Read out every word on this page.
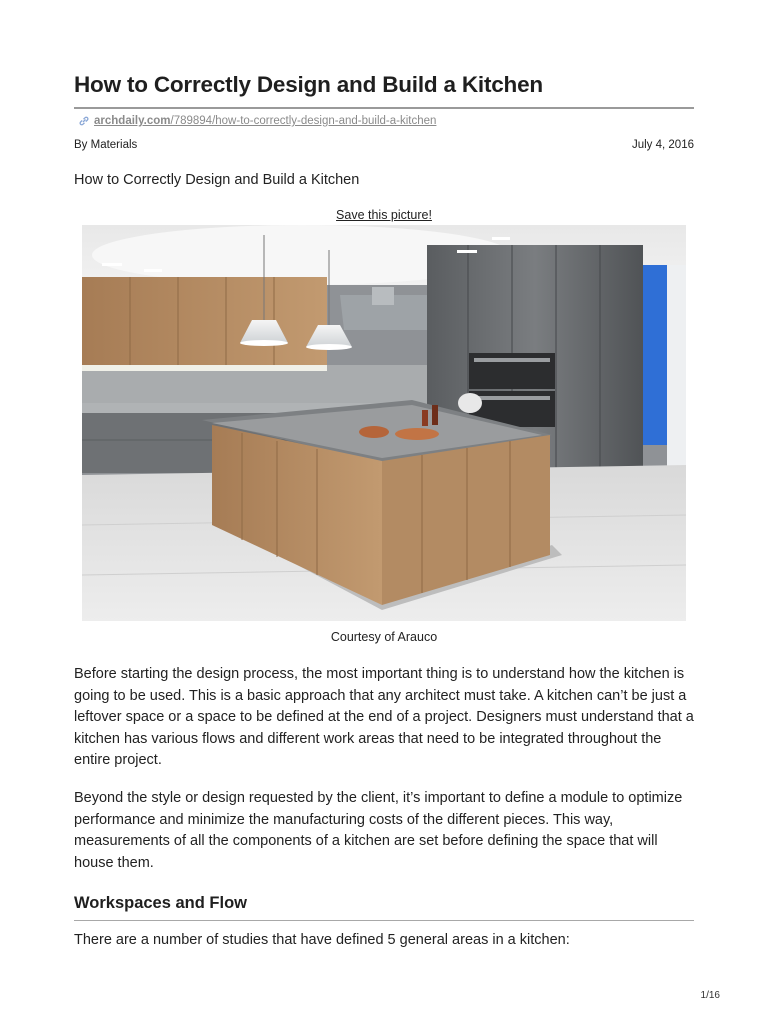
How to Correctly Design and Build a Kitchen
archdaily.com/789894/how-to-correctly-design-and-build-a-kitchen
By Materials	July 4, 2016
How to Correctly Design and Build a Kitchen
Save this picture!
Courtesy of Arauco

Before starting the design process, the most important thing is to understand how the kitchen is going to be used. This is a basic approach that any architect must take. A kitchen can’t be just a leftover space or a space to be defined at the end of a project. Designers must understand that a kitchen has various flows and different work areas that need to be integrated throughout the entire project.

Beyond the style or design requested by the client, it’s important to define a module to optimize performance and minimize the manufacturing costs of the different pieces. This way, measurements of all the components of a kitchen are set before defining the space that will house them.

Workspaces and Flow

There are a number of studies that have defined 5 general areas in a kitchen:

1/16
